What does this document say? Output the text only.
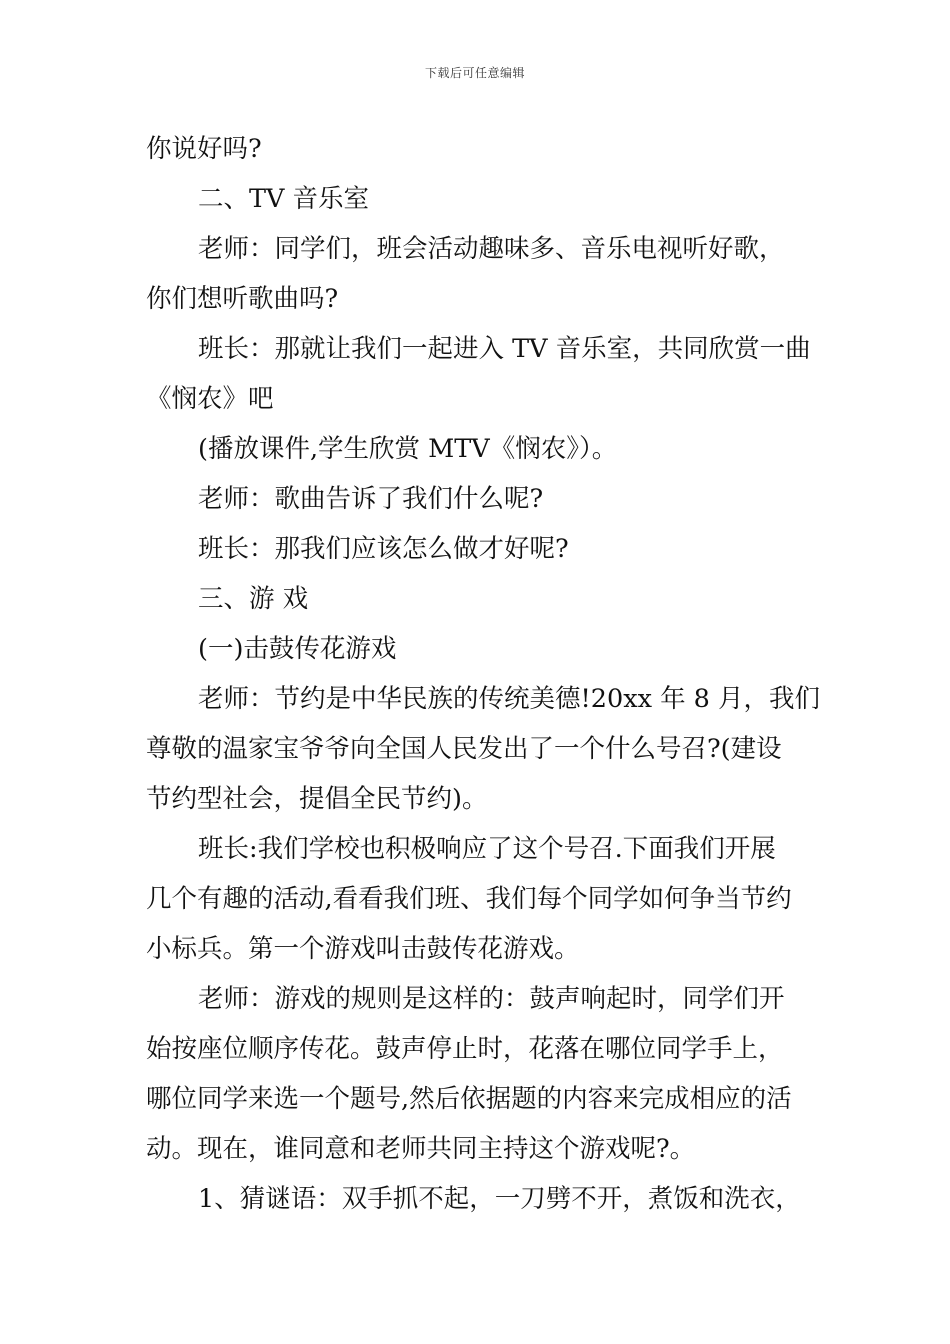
下载后可任意编辑
你说好吗?
二、TV 音乐室
老师：同学们，班会活动趣味多、音乐电视听好歌，
你们想听歌曲吗?
班长：那就让我们一起进入 TV 音乐室，共同欣赏一曲
《悯农》吧
(播放课件,学生欣赏 MTV《悯农》）。
老师：歌曲告诉了我们什么呢?
班长：那我们应该怎么做才好呢?
三、游 戏
(一)击鼓传花游戏
老师：节约是中华民族的传统美德!20xx 年 8 月，我们
尊敬的温家宝爷爷向全国人民发出了一个什么号召?(建设
节约型社会，提倡全民节约)。
班长:我们学校也积极响应了这个号召.下面我们开展
几个有趣的活动,看看我们班、我们每个同学如何争当节约
小标兵。第一个游戏叫击鼓传花游戏。
老师：游戏的规则是这样的：鼓声响起时，同学们开
始按座位顺序传花。鼓声停止时，花落在哪位同学手上，
哪位同学来选一个题号,然后依据题的内容来完成相应的活
动。现在，谁同意和老师共同主持这个游戏呢?。
1、猜谜语：双手抓不起，一刀劈不开，煮饭和洗衣，
